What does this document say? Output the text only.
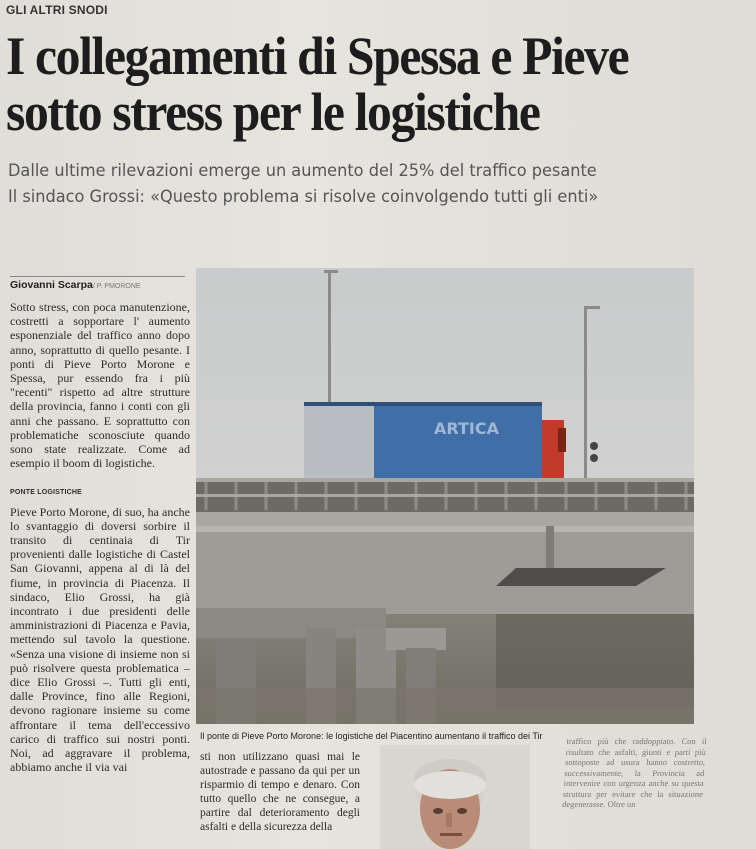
GLI ALTRI SNODI
I collegamenti di Spessa e Pieve
sotto stress per le logistiche
Dalle ultime rilevazioni emerge un aumento del 25% del traffico pesante
Il sindaco Grossi: «Questo problema si risolve coinvolgendo tutti gli enti»
Giovanni Scarpa/ P. PMORONE

Sotto stress, con poca manutenzione, costretti a sopportare l' aumento esponenziale del traffico anno dopo anno, soprattutto di quello pesante. I ponti di Pieve Porto Morone e Spessa, pur essendo fra i più "recenti" rispetto ad altre strutture della provincia, fanno i conti con gli anni che passano. E soprattutto con problematiche sconosciute quando sono state realizzate. Come ad esempio il boom di logistiche.

PONTE LOGISTICHE

Pieve Porto Morone, di suo, ha anche lo svantaggio di doversi sorbire il transito di centinaia di Tir provenienti dalle logistiche di Castel San Giovanni, appena al di là del fiume, in provincia di Piacenza. Il sindaco, Elio Grossi, ha già incontrato i due presidenti delle amministrazioni di Piacenza e Pavia, mettendo sul tavolo la questione. «Senza una visione di insieme non si può risolvere questa problematica – dice Elio Grossi –. Tutti gli enti, dalle Province, fino alle Regioni, devono ragionare insieme su come affrontare il tema dell'eccessivo carico di traffico sui nostri ponti. Noi, ad aggravare il problema, abbiamo anche il via vai

ARTICA
Il ponte di Pieve Porto Morone: le logistiche del Piacentino aumentano il traffico dei Tir
sti non utilizzano quasi mai le autostrade e passano da qui per un risparmio di tempo e denaro. Con tutto quello che ne consegue, a partire dal deterioramento degli asfalti e della sicurezza della
traffico più che raddoppiato. Con il risultato che asfalti, giunti e parti più sottoposte ad usura hanno costretto, successivamente, la Provincia ad intervenire con urgenza anche su questa struttura per evitare che la situazione degenerasse. Oltre un
